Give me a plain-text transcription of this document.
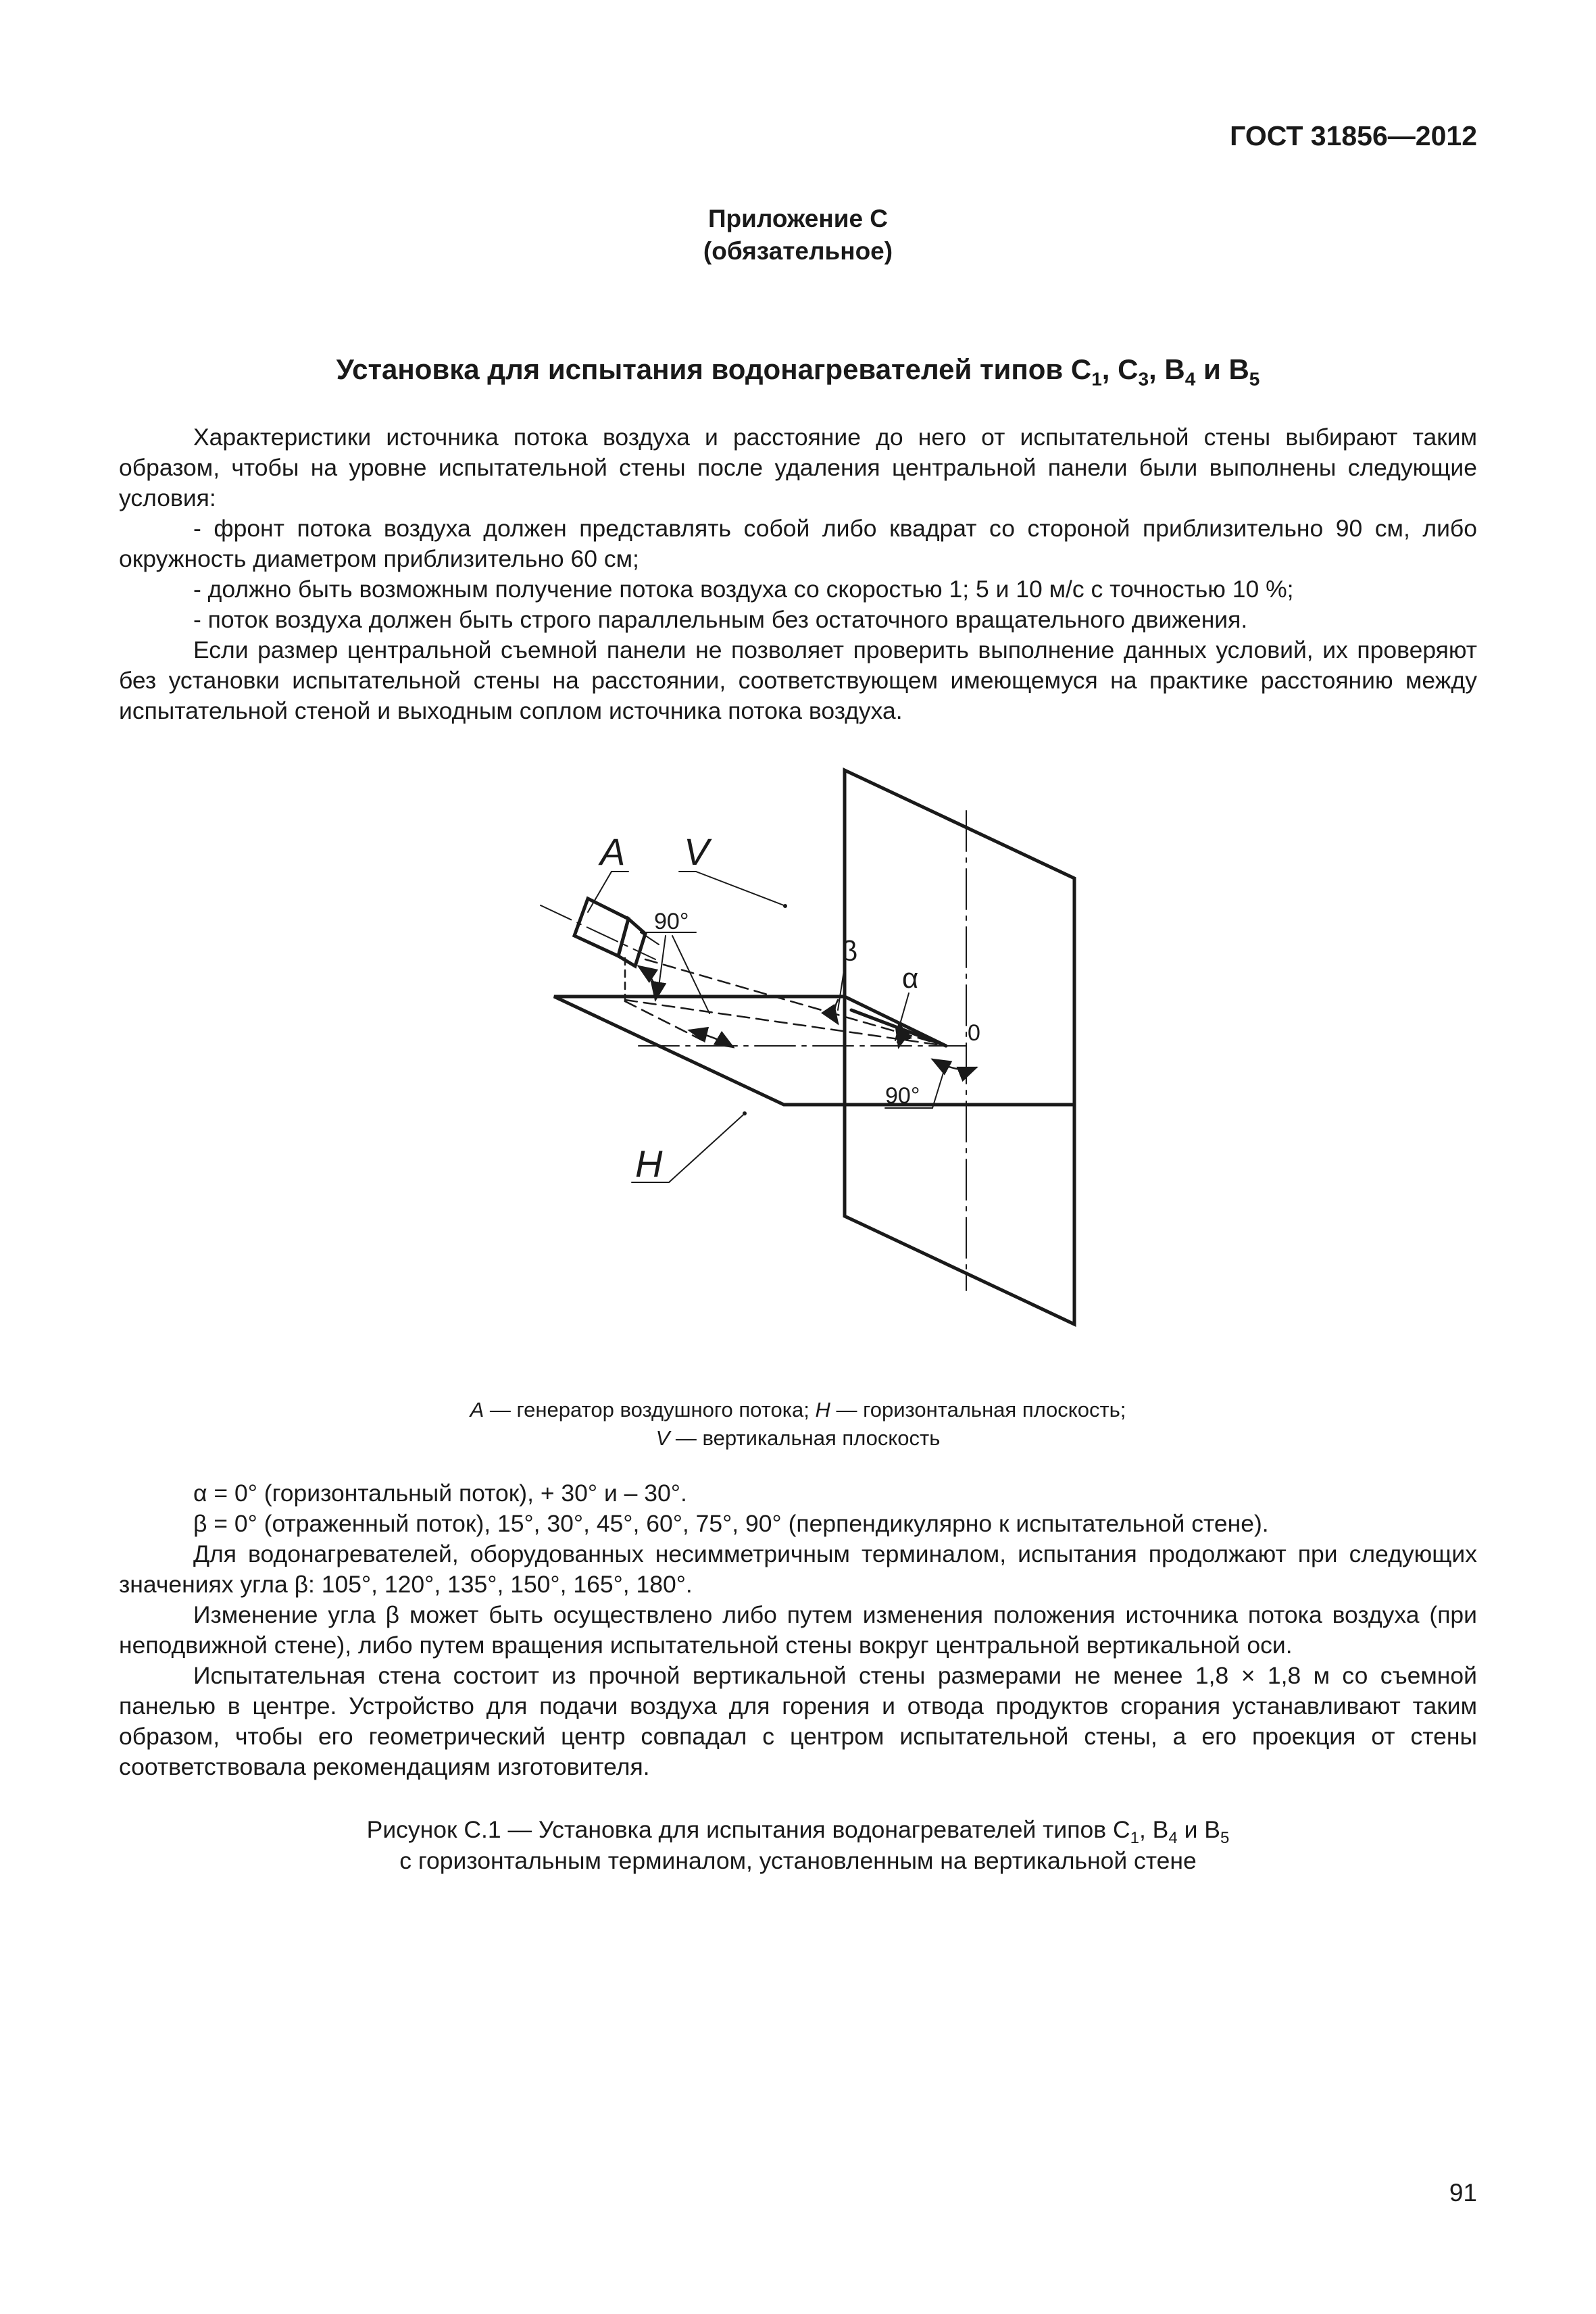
ГОСТ 31856—2012
Приложение С
(обязательное)
Установка для испытания водонагревателей типов $C_1$, $C_3$, $B_4$ и $B_5$

Характеристики источника потока воздуха и расстояние до него от испытательной стены выбирают таким образом, чтобы на уровне испытательной стены после удаления центральной панели были выполнены следующие условия:

- фронт потока воздуха должен представлять собой либо квадрат со стороной приблизительно 90 см, либо окружность диаметром приблизительно 60 см;

- должно быть возможным получение потока воздуха со скоростью 1; 5 и 10 м/с с точностью 10 %;

- поток воздуха должен быть строго параллельным без остаточного вращательного движения.

Если размер центральной съемной панели не позволяет проверить выполнение данных условий, их проверяют без установки испытательной стены на расстоянии, соответствующем имеющемуся на практике расстоянию между испытательной стеной и выходным соплом источника потока воздуха.

A V
H
0
β
α
90°
90°
A — генератор воздушного потока; H — горизонтальная плоскость;
V — вертикальная плоскость

α = 0° (горизонтальный поток), + 30° и – 30°.

β = 0° (отраженный поток), 15°, 30°, 45°, 60°, 75°, 90° (перпендикулярно к испытательной стене).

Для водонагревателей, оборудованных несимметричным терминалом, испытания продолжают при следующих значениях угла β: 105°, 120°, 135°, 150°, 165°, 180°.

Изменение угла β может быть осуществлено либо путем изменения положения источника потока воздуха (при неподвижной стене), либо путем вращения испытательной стены вокруг центральной вертикальной оси.

Испытательная стена состоит из прочной вертикальной стены размерами не менее 1,8 × 1,8 м со съемной панелью в центре. Устройство для подачи воздуха для горения и отвода продуктов сгорания устанавливают таким образом, чтобы его геометрический центр совпадал с центром испытательной стены, а его проекция от стены соответствовала рекомендациям изготовителя.

Рисунок С.1 — Установка для испытания водонагревателей типов $C_1$, $B_4$ и $B_5$
с горизонтальным терминалом, установленным на вертикальной стене
91
